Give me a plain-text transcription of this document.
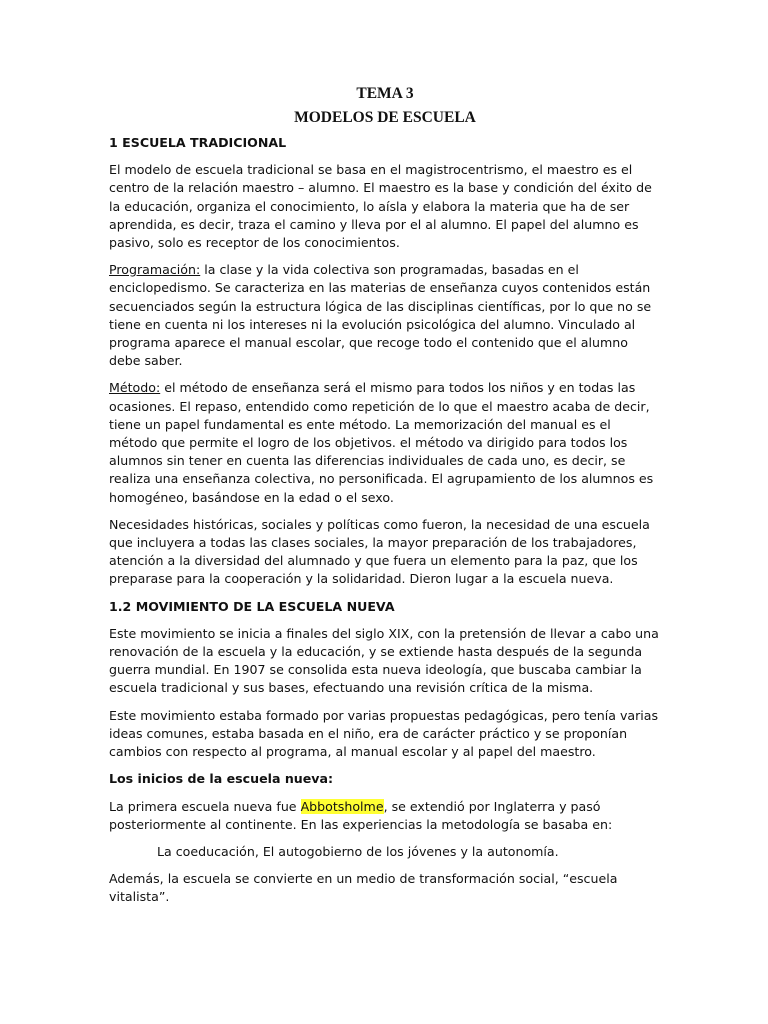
TEMA 3
MODELOS DE ESCUELA
1 ESCUELA TRADICIONAL

El modelo de escuela tradicional se basa en el magistrocentrismo, el maestro es el centro de la relación maestro – alumno. El maestro es la base y condición del éxito de la educación, organiza el conocimiento, lo aísla y elabora la materia que ha de ser aprendida, es decir, traza el camino y lleva por el al alumno. El papel del alumno es pasivo, solo es receptor de los conocimientos.

Programación: la clase y la vida colectiva son programadas, basadas en el enciclopedismo. Se caracteriza en las materias de enseñanza cuyos contenidos están secuenciados según la estructura lógica de las disciplinas científicas, por lo que no se tiene en cuenta ni los intereses ni la evolución psicológica del alumno. Vinculado al programa aparece el manual escolar, que recoge todo el contenido que el alumno debe saber.

Método: el método de enseñanza será el mismo para todos los niños y en todas las ocasiones. El repaso, entendido como repetición de lo que el maestro acaba de decir, tiene un papel fundamental es ente método. La memorización del manual es el método que permite el logro de los objetivos. el método va dirigido para todos los alumnos sin tener en cuenta las diferencias individuales de cada uno, es decir, se realiza una enseñanza colectiva, no personificada. El agrupamiento de los alumnos es homogéneo, basándose en la edad o el sexo.

Necesidades históricas, sociales y políticas como fueron, la necesidad de una escuela que incluyera a todas las clases sociales, la mayor preparación de los trabajadores, atención a la diversidad del alumnado y que fuera un elemento para la paz, que los preparase para la cooperación y la solidaridad. Dieron lugar a la escuela nueva.

1.2 MOVIMIENTO DE LA ESCUELA NUEVA

Este movimiento se inicia a finales del siglo XIX, con la pretensión de llevar a cabo una renovación de la escuela y la educación, y se extiende hasta después de la segunda guerra mundial. En 1907 se consolida esta nueva ideología, que buscaba cambiar la escuela tradicional y sus bases, efectuando una revisión crítica de la misma.

Este movimiento estaba formado por varias propuestas pedagógicas, pero tenía varias ideas comunes, estaba basada en el niño, era de carácter práctico y se proponían cambios con respecto al programa, al manual escolar y al papel del maestro.

Los inicios de la escuela nueva:

La primera escuela nueva fue Abbotsholme, se extendió por Inglaterra y pasó posteriormente al continente. En las experiencias la metodología se basaba en:

La coeducación, El autogobierno de los jóvenes y la autonomía.

Además, la escuela se convierte en un medio de transformación social, “escuela vitalista”.
